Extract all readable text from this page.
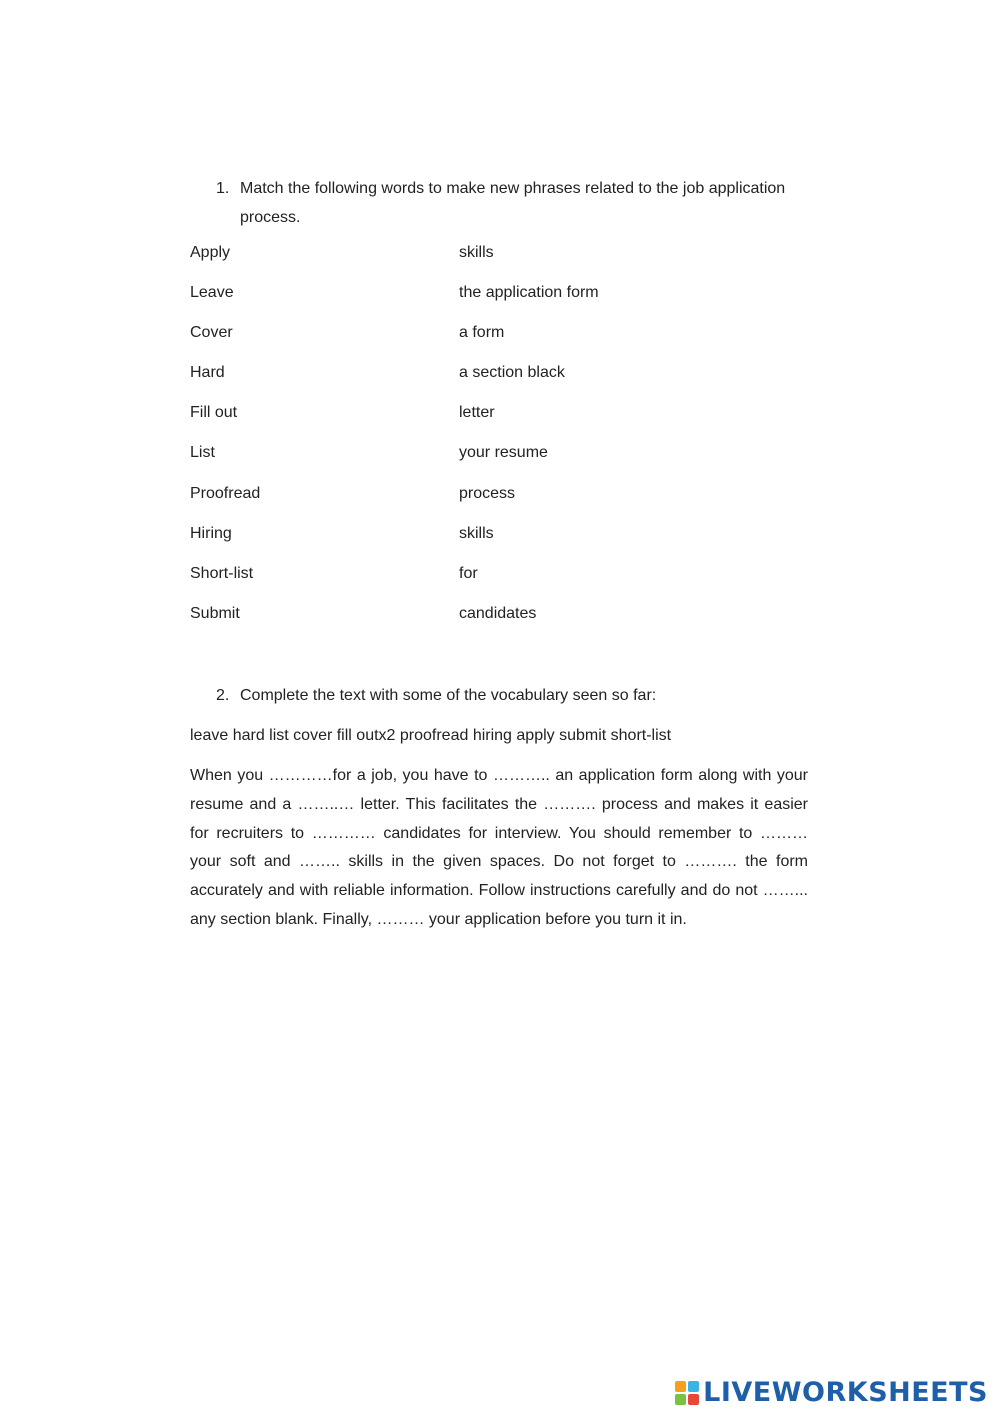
1. Match the following words to make new phrases related to the job application process.
Apply	skills
Leave	the application form
Cover	a form
Hard	a section black
Fill out	letter
List	your resume
Proofread	process
Hiring	skills
Short-list	for
Submit	candidates
2. Complete the text with some of the vocabulary seen so far:
leave hard list cover fill outx2 proofread hiring apply submit short-list
When you …………for a job, you have to ……….. an application form along with your resume and a ……..… letter. This facilitates the ………. process and makes it easier for recruiters to ………… candidates for interview. You should remember to ……… your soft and …….. skills in the given spaces. Do not forget to ………. the form accurately and with reliable information. Follow instructions carefully and do not ……... any section blank. Finally, ……… your application before you turn it in.
LIVEWORKSHEETS
